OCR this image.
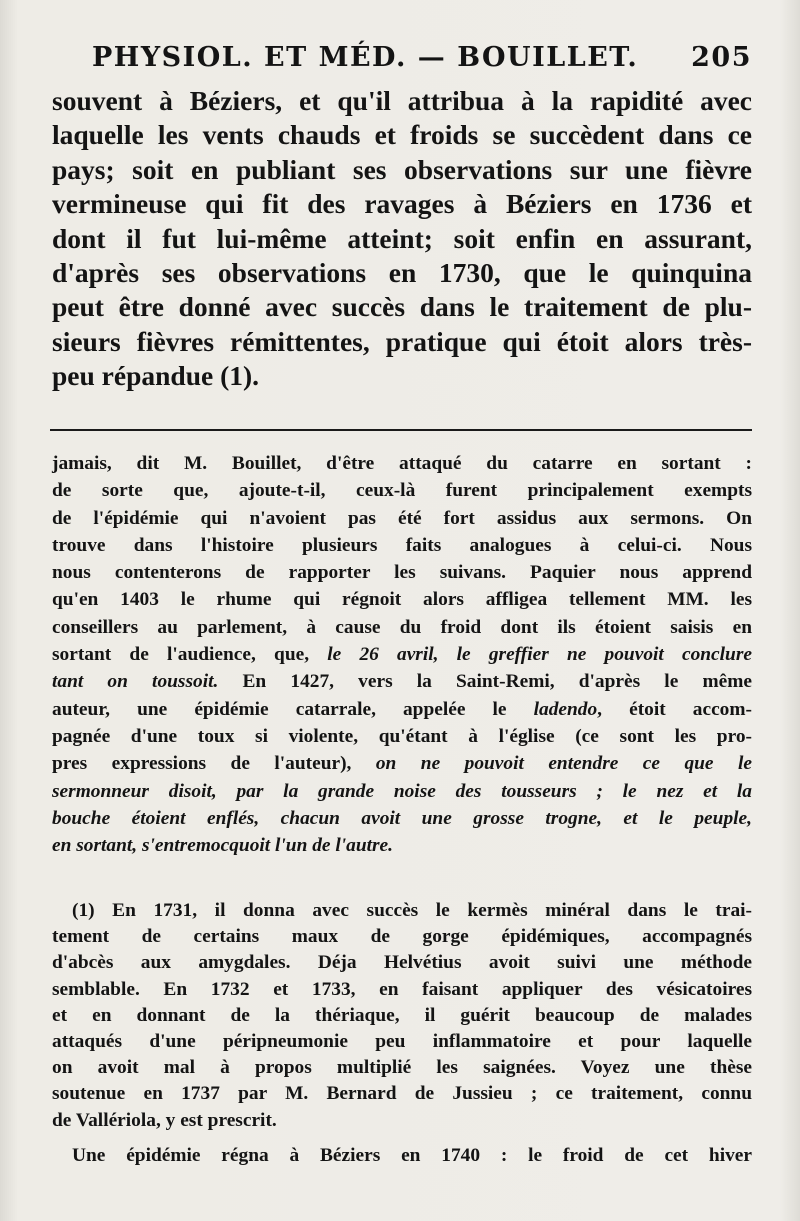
PHYSIOL. ET MÉD. — BOUILLET. 205
souvent à Béziers, et qu'il attribua à la rapidité avec
laquelle les vents chauds et froids se succèdent dans ce
pays; soit en publiant ses observations sur une fièvre
vermineuse qui fit des ravages à Béziers en 1736 et
dont il fut lui-même atteint; soit enfin en assurant,
d'après ses observations en 1730, que le quinquina
peut être donné avec succès dans le traitement de plu-
sieurs fièvres rémittentes, pratique qui étoit alors très-
peu répandue (1).
jamais, dit M. Bouillet, d'être attaqué du catarre en sortant :
de sorte que, ajoute-t-il, ceux-là furent principalement exempts
de l'épidémie qui n'avoient pas été fort assidus aux sermons. On
trouve dans l'histoire plusieurs faits analogues à celui-ci. Nous
nous contenterons de rapporter les suivans. Paquier nous apprend
qu'en 1403 le rhume qui régnoit alors affligea tellement MM. les
conseillers au parlement, à cause du froid dont ils étoient saisis en
sortant de l'audience, que, le 26 avril, le greffier ne pouvoit conclure
tant on toussoit. En 1427, vers la Saint-Remi, d'après le même
auteur, une épidémie catarrale, appelée le ladendo, étoit accom-
pagnée d'une toux si violente, qu'étant à l'église (ce sont les pro-
pres expressions de l'auteur), on ne pouvoit entendre ce que le
sermonneur disoit, par la grande noise des tousseurs ; le nez et la
bouche étoient enflés, chacun avoit une grosse trogne, et le peuple,
en sortant, s'entremocquoit l'un de l'autre.
(1) En 1731, il donna avec succès le kermès minéral dans le trai-
tement de certains maux de gorge épidémiques, accompagnés
d'abcès aux amygdales. Déja Helvétius avoit suivi une méthode
semblable. En 1732 et 1733, en faisant appliquer des vésicatoires
et en donnant de la thériaque, il guérit beaucoup de malades
attaqués d'une péripneumonie peu inflammatoire et pour laquelle
on avoit mal à propos multiplié les saignées. Voyez une thèse
soutenue en 1737 par M. Bernard de Jussieu ; ce traitement, connu
de Vallériola, y est prescrit.
Une épidémie régna à Béziers en 1740 : le froid de cet hiver
